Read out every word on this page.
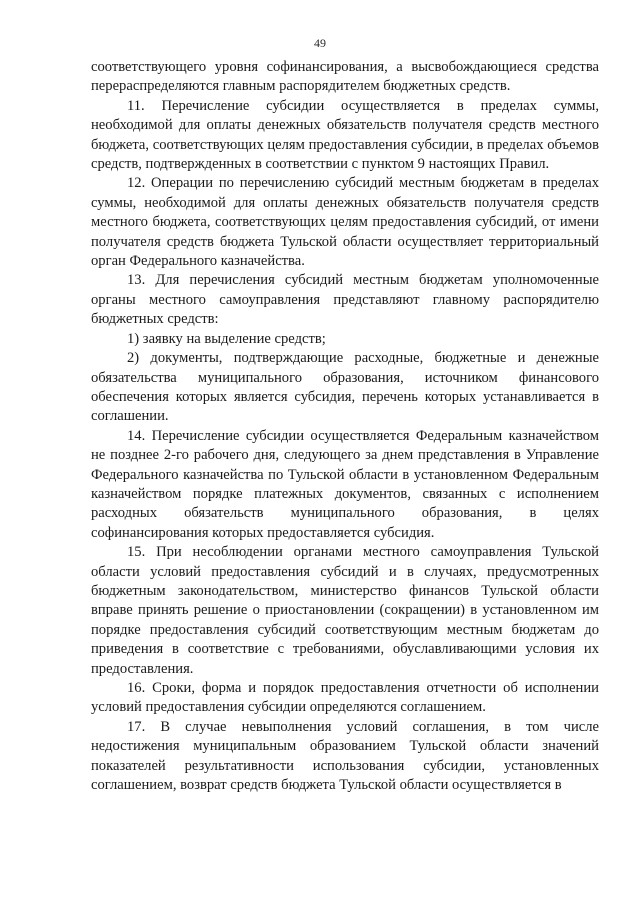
49

соответствующего уровня софинансирования, а высвобождающиеся средства перераспределяются главным распорядителем бюджетных средств.

11. Перечисление субсидии осуществляется в пределах суммы, необходимой для оплаты денежных обязательств получателя средств местного бюджета, соответствующих целям предоставления субсидии, в пределах объемов средств, подтвержденных в соответствии с пунктом 9 настоящих Правил.

12. Операции по перечислению субсидий местным бюджетам в пределах суммы, необходимой для оплаты денежных обязательств получателя средств местного бюджета, соответствующих целям предоставления субсидий, от имени получателя средств бюджета Тульской области осуществляет территориальный орган Федерального казначейства.

13. Для перечисления субсидий местным бюджетам уполномоченные органы местного самоуправления представляют главному распорядителю бюджетных средств:

1) заявку на выделение средств;

2) документы, подтверждающие расходные, бюджетные и денежные обязательства муниципального образования, источником финансового обеспечения которых является субсидия, перечень которых устанавливается в соглашении.

14. Перечисление субсидии осуществляется Федеральным казначейством не позднее 2-го рабочего дня, следующего за днем представления в Управление Федерального казначейства по Тульской области в установленном Федеральным казначейством порядке платежных документов, связанных с исполнением расходных обязательств муниципального образования, в целях софинансирования которых предоставляется субсидия.

15. При несоблюдении органами местного самоуправления Тульской области условий предоставления субсидий и в случаях, предусмотренных бюджетным законодательством, министерство финансов Тульской области вправе принять решение о приостановлении (сокращении) в установленном им порядке предоставления субсидий соответствующим местным бюджетам до приведения в соответствие с требованиями, обуславливающими условия их предоставления.

16. Сроки, форма и порядок предоставления отчетности об исполнении условий предоставления субсидии определяются соглашением.

17. В случае невыполнения условий соглашения, в том числе недостижения муниципальным образованием Тульской области значений показателей результативности использования субсидии, установленных соглашением, возврат средств бюджета Тульской области осуществляется в
